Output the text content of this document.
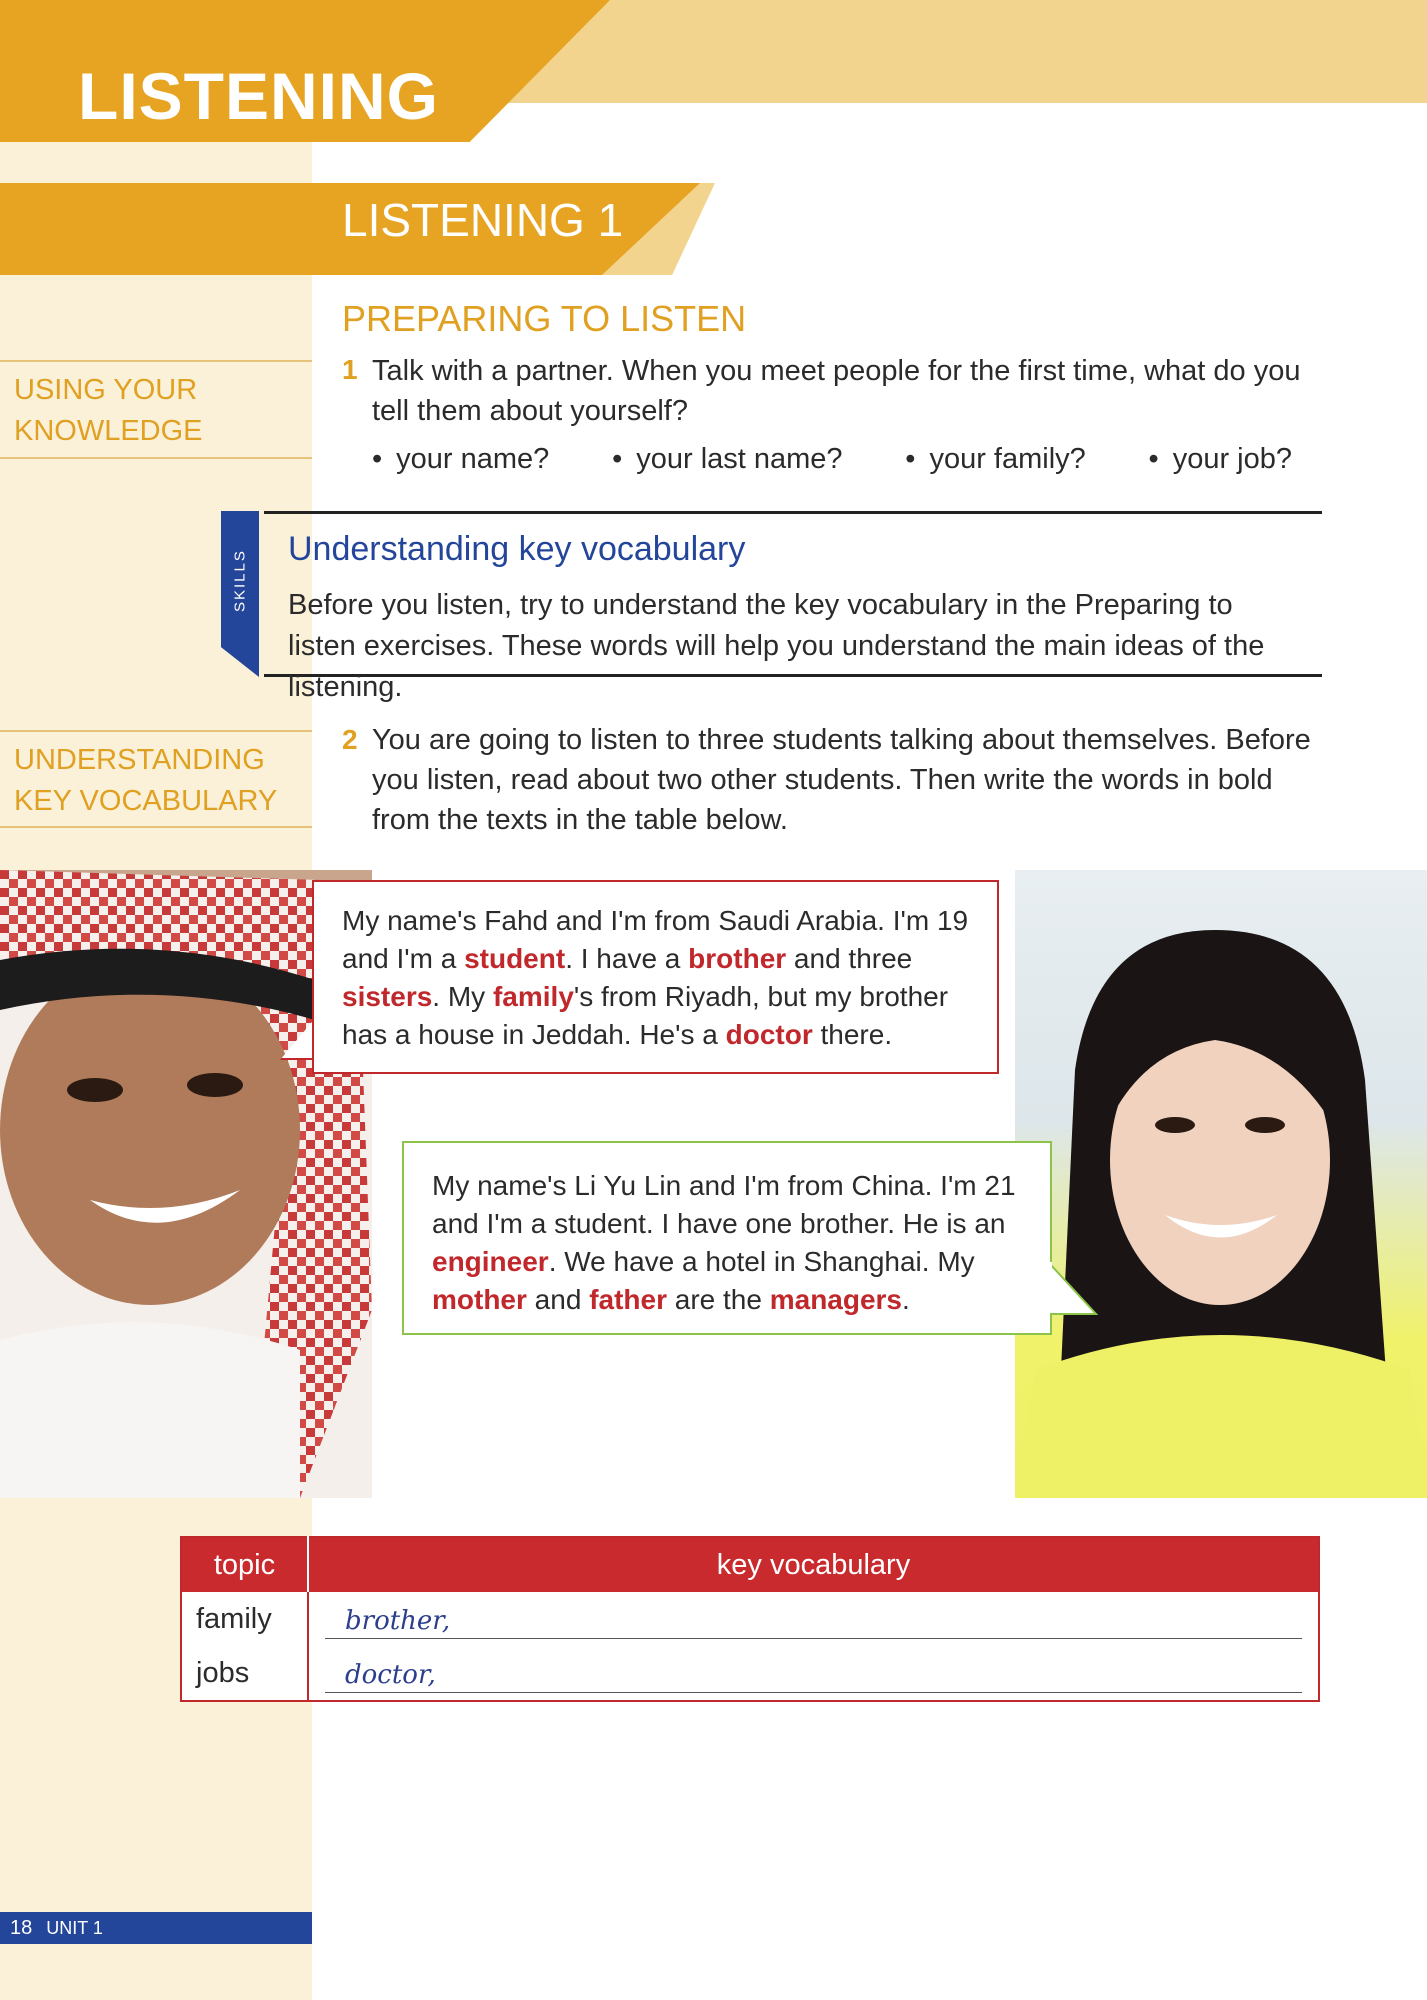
LISTENING
LISTENING 1
PREPARING TO LISTEN
USING YOUR
KNOWLEDGE
UNDERSTANDING
KEY VOCABULARY
1 Talk with a partner. When you meet people for the first time, what do you tell them about yourself?
• your name?	• your last name?	• your family?	• your job?
SKILLS
Understanding key vocabulary
Before you listen, try to understand the key vocabulary in the Preparing to listen exercises. These words will help you understand the main ideas of the listening.
2 You are going to listen to three students talking about themselves. Before you listen, read about two other students. Then write the words in bold from the texts in the table below.
My name's Fahd and I'm from Saudi Arabia. I'm 19 and I'm a student. I have a brother and three sisters. My family's from Riyadh, but my brother has a house in Jeddah. He's a doctor there.
My name's Li Yu Lin and I'm from China. I'm 21 and I'm a student. I have one brother. He is an engineer. We have a hotel in Shanghai. My mother and father are the managers.
topic	key vocabulary
family	brother,

jobs	doctor,
18 UNIT 1
